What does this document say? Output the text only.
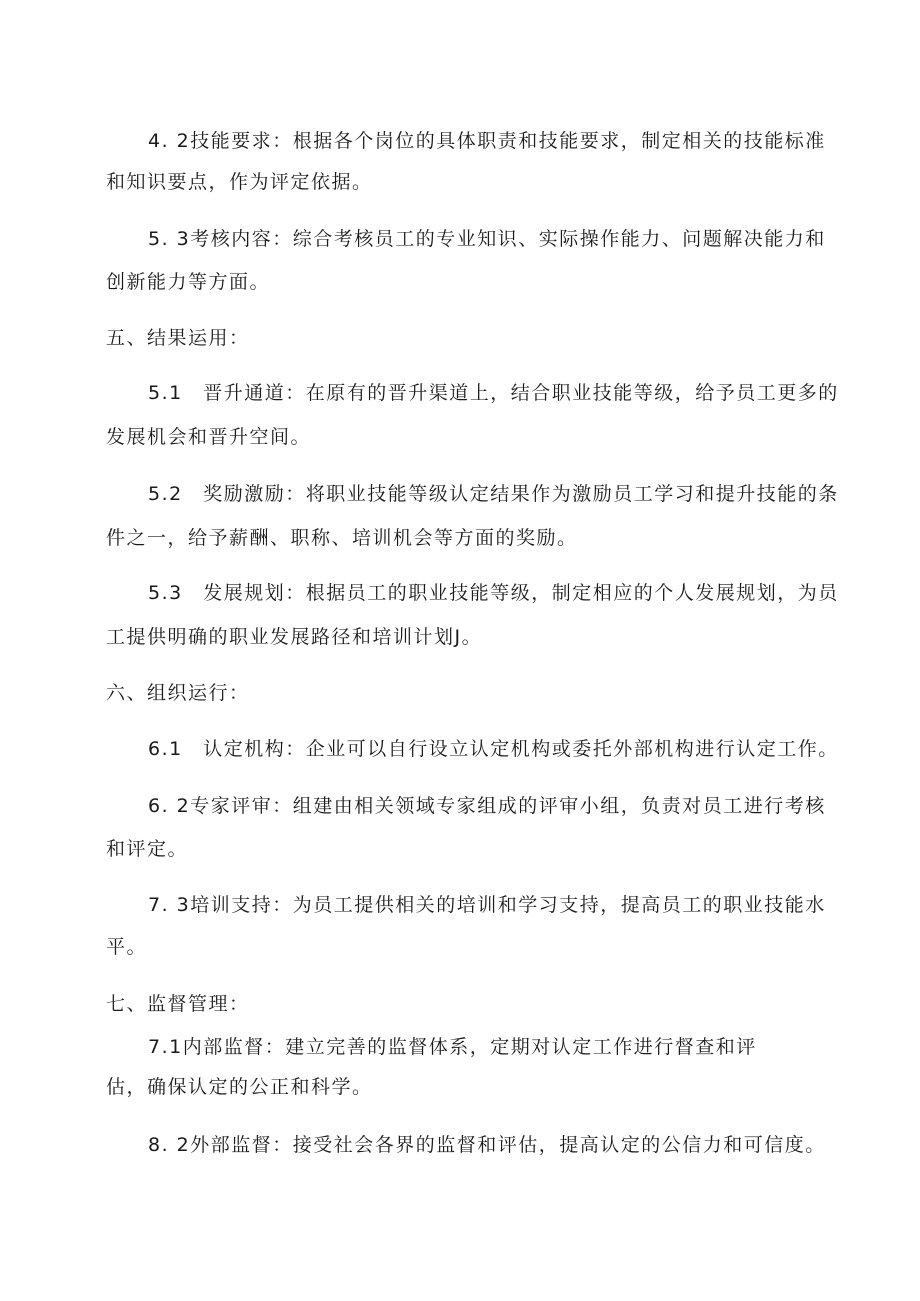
4. 2技能要求：根据各个岗位的具体职责和技能要求，制定相关的技能标准
和知识要点，作为评定依据。
5. 3考核内容：综合考核员工的专业知识、实际操作能力、问题解决能力和
创新能力等方面。
五、结果运用：
5.1　晋升通道：在原有的晋升渠道上，结合职业技能等级，给予员工更多的
发展机会和晋升空间。
5.2　奖励激励：将职业技能等级认定结果作为激励员工学习和提升技能的条
件之一，给予薪酬、职称、培训机会等方面的奖励。
5.3　发展规划：根据员工的职业技能等级，制定相应的个人发展规划，为员
工提供明确的职业发展路径和培训计划J。
六、组织运行：
6.1　认定机构：企业可以自行设立认定机构或委托外部机构进行认定工作。
6. 2专家评审：组建由相关领域专家组成的评审小组，负责对员工进行考核
和评定。
7. 3培训支持：为员工提供相关的培训和学习支持，提高员工的职业技能水
平。
七、监督管理：
7.1内部监督：建立完善的监督体系，定期对认定工作进行督查和评
估，确保认定的公正和科学。
8. 2外部监督：接受社会各界的监督和评估，提高认定的公信力和可信度。
